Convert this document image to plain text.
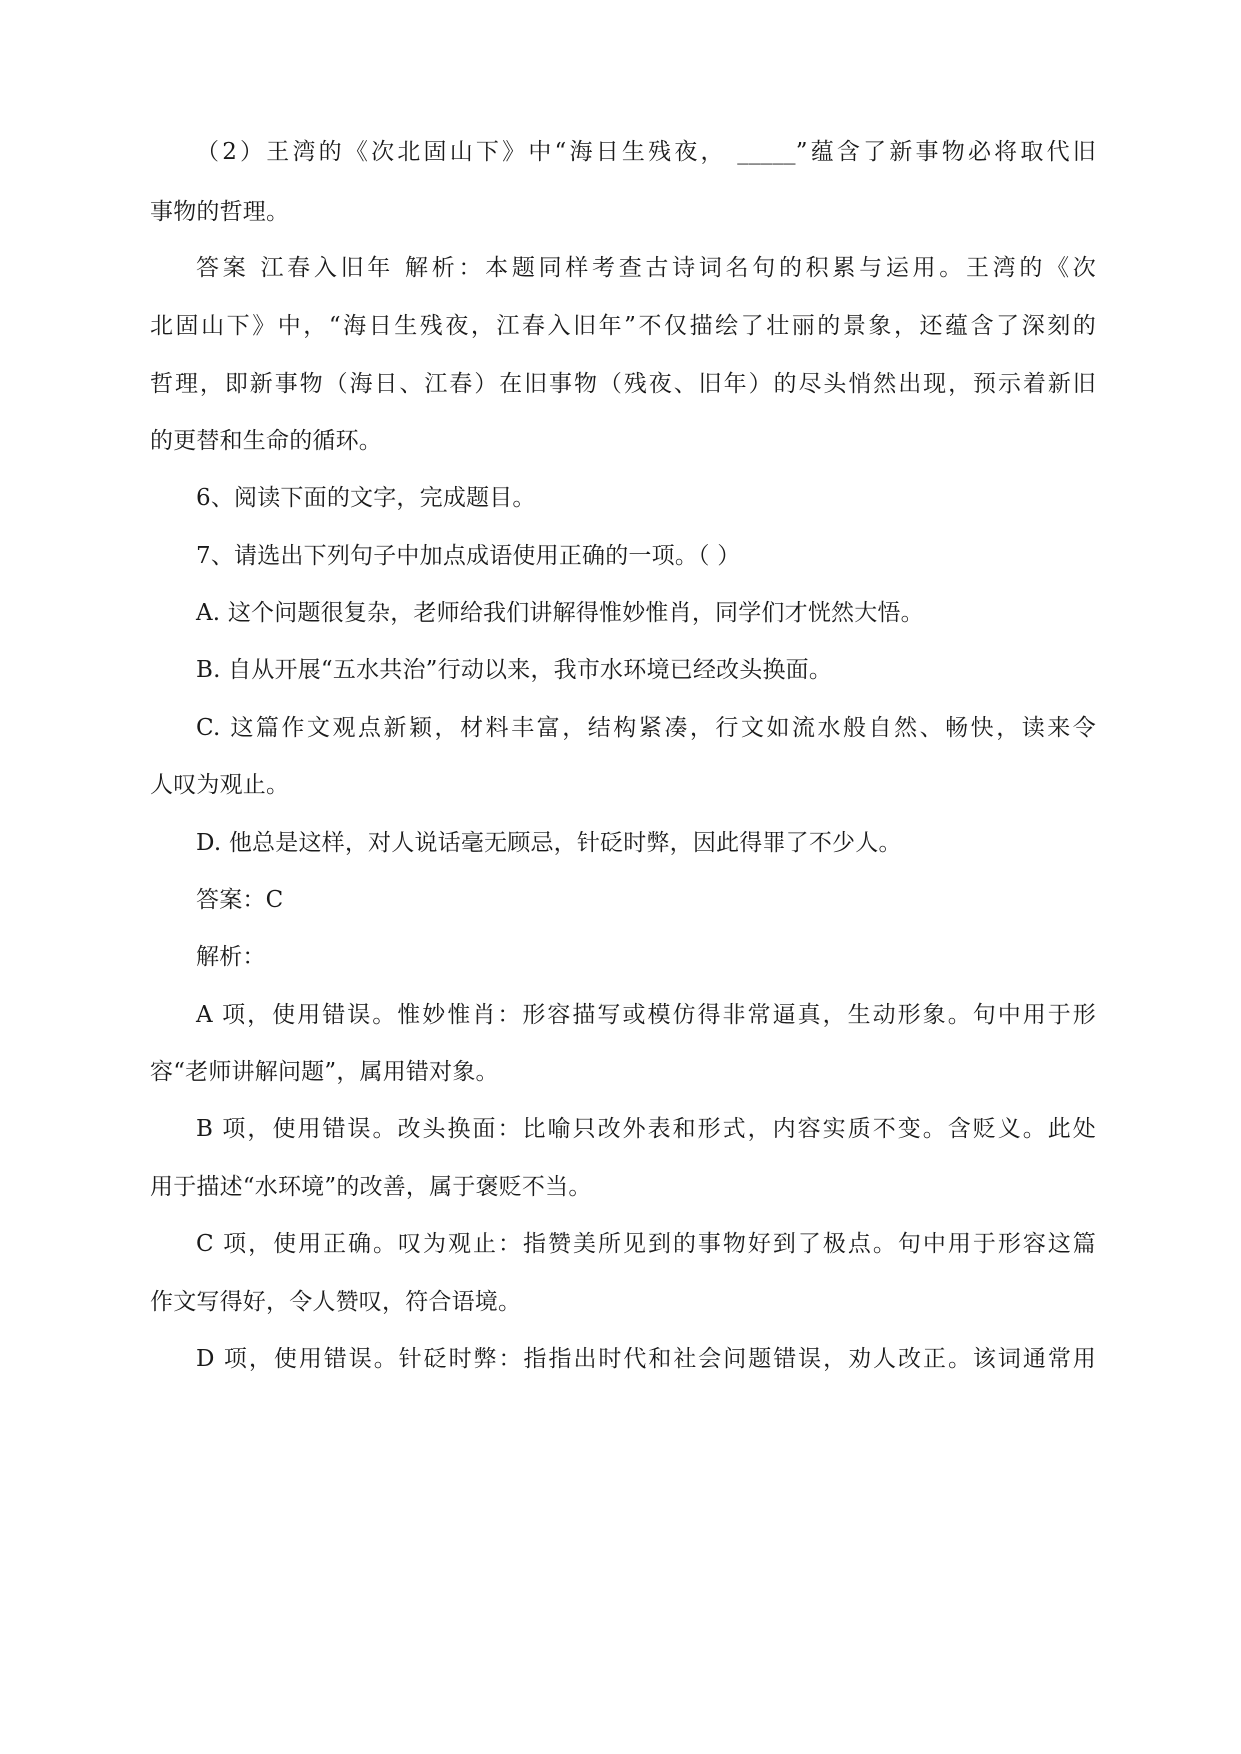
（2）王湾的《次北固山下》中“海日生残夜， _____”蕴含了新事物必将取代旧
事物的哲理。
答案 江春入旧年 解析：本题同样考查古诗词名句的积累与运用。王湾的《次
北固山下》中，“海日生残夜，江春入旧年”不仅描绘了壮丽的景象，还蕴含了深刻的
哲理，即新事物（海日、江春）在旧事物（残夜、旧年）的尽头悄然出现，预示着新旧
的更替和生命的循环。
6、阅读下面的文字，完成题目。
7、请选出下列句子中加点成语使用正确的一项。（ ）
A. 这个问题很复杂，老师给我们讲解得惟妙惟肖，同学们才恍然大悟。
B. 自从开展“五水共治”行动以来，我市水环境已经改头换面。
C. 这篇作文观点新颖，材料丰富，结构紧凑，行文如流水般自然、畅快，读来令
人叹为观止。
D. 他总是这样，对人说话毫无顾忌，针砭时弊，因此得罪了不少人。
答案：C
解析：
A 项，使用错误。惟妙惟肖：形容描写或模仿得非常逼真，生动形象。句中用于形
容“老师讲解问题”，属用错对象。
B 项，使用错误。改头换面：比喻只改外表和形式，内容实质不变。含贬义。此处
用于描述“水环境”的改善，属于褒贬不当。
C 项，使用正确。叹为观止：指赞美所见到的事物好到了极点。句中用于形容这篇
作文写得好，令人赞叹，符合语境。
D 项，使用错误。针砭时弊：指指出时代和社会问题错误，劝人改正。该词通常用
